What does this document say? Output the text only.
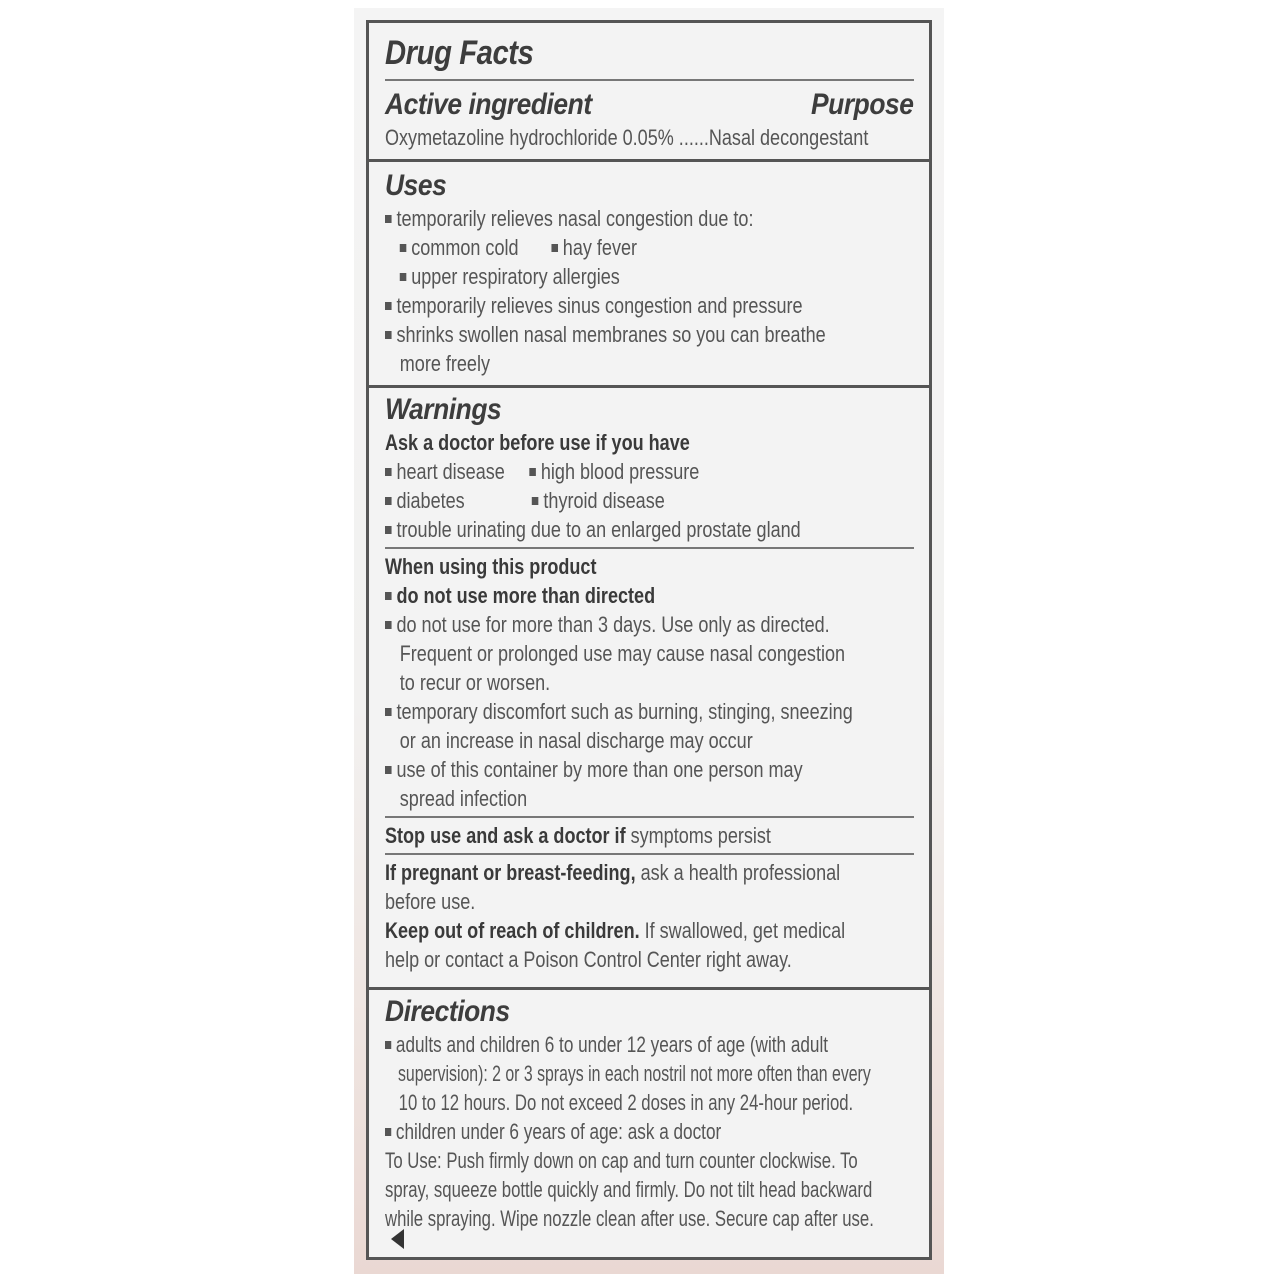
Drug Facts
Active ingredient	Purpose
Oxymetazoline hydrochloride 0.05% ......Nasal decongestant
Uses
temporarily relieves nasal congestion due to:
common cold hay fever
upper respiratory allergies
temporarily relieves sinus congestion and pressure
shrinks swollen nasal membranes so you can breathe
more freely
Warnings
Ask a doctor before use if you have
heart disease high blood pressure
diabetes	thyroid disease
trouble urinating due to an enlarged prostate gland
When using this product
do not use more than directed
do not use for more than 3 days. Use only as directed.
Frequent or prolonged use may cause nasal congestion
to recur or worsen.
temporary discomfort such as burning, stinging, sneezing
or an increase in nasal discharge may occur
use of this container by more than one person may
spread infection
Stop use and ask a doctor if symptoms persist
If pregnant or breast-feeding, ask a health professional
before use.
Keep out of reach of children. If swallowed, get medical
help or contact a Poison Control Center right away.
Directions
adults and children 6 to under 12 years of age (with adult
supervision): 2 or 3 sprays in each nostril not more often than every
10 to 12 hours. Do not exceed 2 doses in any 24-hour period.
children under 6 years of age: ask a doctor
To Use: Push firmly down on cap and turn counter clockwise. To
spray, squeeze bottle quickly and firmly. Do not tilt head backward
while spraying. Wipe nozzle clean after use. Secure cap after use.
